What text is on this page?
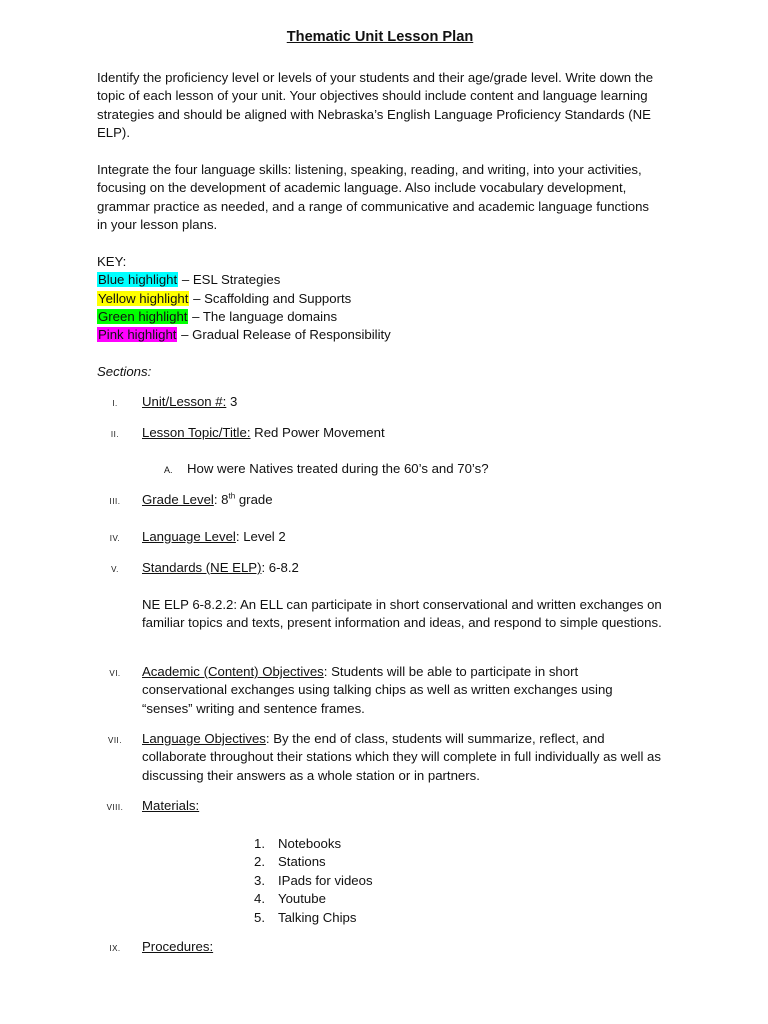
Thematic Unit Lesson Plan

Identify the proficiency level or levels of your students and their age/grade level. Write down the topic of each lesson of your unit. Your objectives should include content and language learning strategies and should be aligned with Nebraska’s English Language Proficiency Standards (NE ELP).

Integrate the four language skills: listening, speaking, reading, and writing, into your activities, focusing on the development of academic language. Also include vocabulary development, grammar practice as needed, and a range of communicative and academic language functions in your lesson plans.

KEY:
Blue highlight – ESL Strategies
Yellow highlight – Scaffolding and Supports
Green highlight – The language domains
Pink highlight – Gradual Release of Responsibility
Sections:
I.	Unit/Lesson #: 3
II.	Lesson Topic/Title: Red Power Movement
A. How were Natives treated during the 60’s and 70’s?
III.	Grade Level: 8th grade
IV.	Language Level: Level 2
V.	Standards (NE ELP): 6-8.2
NE ELP 6-8.2.2: An ELL can participate in short conservational and written exchanges on familiar topics and texts, present information and ideas, and respond to simple questions.
VI.	Academic (Content) Objectives: Students will be able to participate in short conservational exchanges using talking chips as well as written exchanges using “senses” writing and sentence frames.
VII.	Language Objectives: By the end of class, students will summarize, reflect, and collaborate throughout their stations which they will complete in full individually as well as discussing their answers as a whole station or in partners.
VIII.	Materials:
1. Notebooks
2. Stations
3. IPads for videos
4. Youtube
5. Talking Chips
IX.	Procedures:
